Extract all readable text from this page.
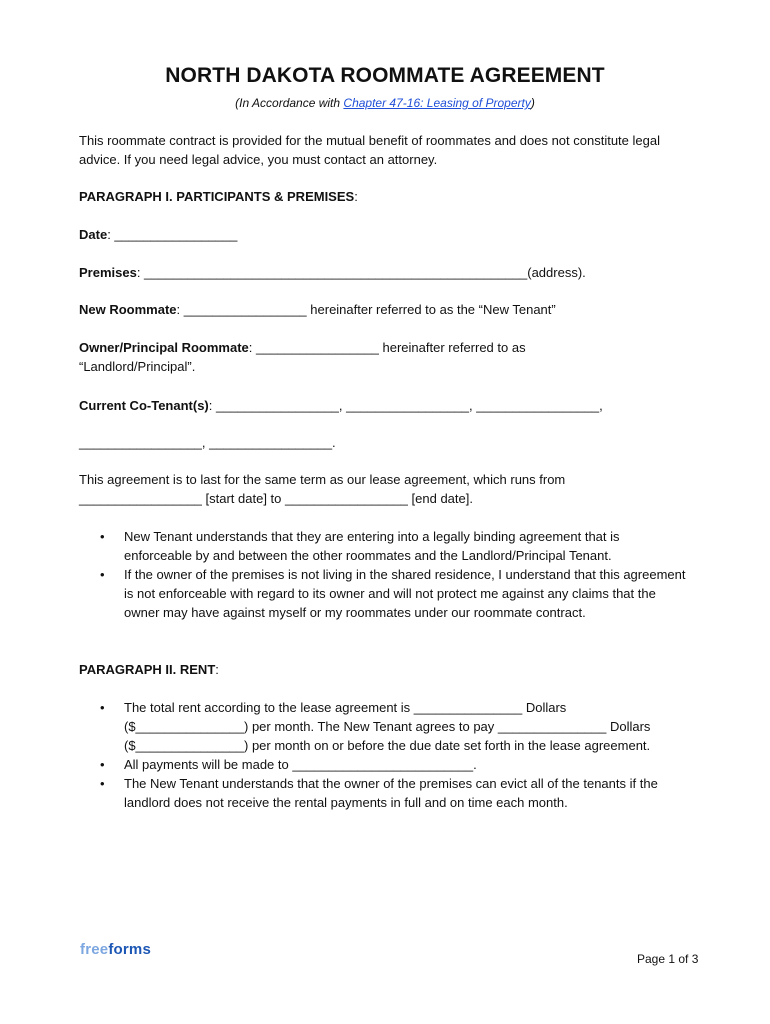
NORTH DAKOTA ROOMMATE AGREEMENT

(In Accordance with Chapter 47-16: Leasing of Property)

This roommate contract is provided for the mutual benefit of roommates and does not constitute legal advice. If you need legal advice, you must contact an attorney.

PARAGRAPH I. PARTICIPANTS & PREMISES:

Date: _________________

Premises: _____________________________________________________(address).

New Roommate: _________________ hereinafter referred to as the “New Tenant”

Owner/Principal Roommate: _________________ hereinafter referred to as “Landlord/Principal”.

Current Co-Tenant(s): _________________, _________________, _________________,

_________________, _________________.

This agreement is to last for the same term as our lease agreement, which runs from _________________ [start date] to _________________ [end date].

• New Tenant understands that they are entering into a legally binding agreement that is enforceable by and between the other roommates and the Landlord/Principal Tenant.
• If the owner of the premises is not living in the shared residence, I understand that this agreement is not enforceable with regard to its owner and will not protect me against any claims that the owner may have against myself or my roommates under our roommate contract.

PARAGRAPH II. RENT:

• The total rent according to the lease agreement is _______________ Dollars ($_______________) per month. The New Tenant agrees to pay _______________ Dollars ($_______________) per month on or before the due date set forth in the lease agreement.
• All payments will be made to _________________________.
• The New Tenant understands that the owner of the premises can evict all of the tenants if the landlord does not receive the rental payments in full and on time each month.
freeforms
Page 1 of 3
